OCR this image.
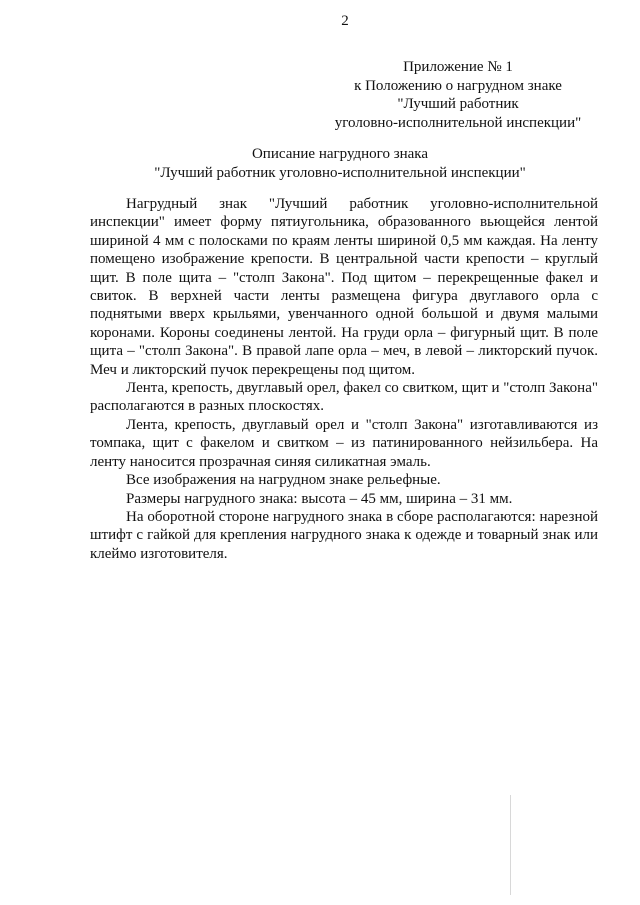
2
Приложение № 1
к Положению о нагрудном знаке
"Лучший работник
уголовно-исполнительной инспекции"
Описание нагрудного знака
"Лучший работник уголовно-исполнительной инспекции"

Нагрудный знак "Лучший работник уголовно-исполнительной инспекции" имеет форму пятиугольника, образованного вьющейся лентой шириной 4 мм с полосками по краям ленты шириной 0,5 мм каждая. На ленту помещено изображение крепости. В центральной части крепости – круглый щит. В поле щита – "столп Закона". Под щитом – перекрещенные факел и свиток. В верхней части ленты размещена фигура двуглавого орла с поднятыми вверх крыльями, увенчанного одной большой и двумя малыми коронами. Короны соединены лентой. На груди орла – фигурный щит. В поле щита – "столп Закона". В правой лапе орла – меч, в левой – ликторский пучок. Меч и ликторский пучок перекрещены под щитом.

Лента, крепость, двуглавый орел, факел со свитком, щит и "столп Закона" располагаются в разных плоскостях.

Лента, крепость, двуглавый орел и "столп Закона" изготавливаются из томпака, щит с факелом и свитком – из патинированного нейзильбера. На ленту наносится прозрачная синяя силикатная эмаль.

Все изображения на нагрудном знаке рельефные.

Размеры нагрудного знака: высота – 45 мм, ширина – 31 мм.

На оборотной стороне нагрудного знака в сборе располагаются: нарезной штифт с гайкой для крепления нагрудного знака к одежде и товарный знак или клеймо изготовителя.
